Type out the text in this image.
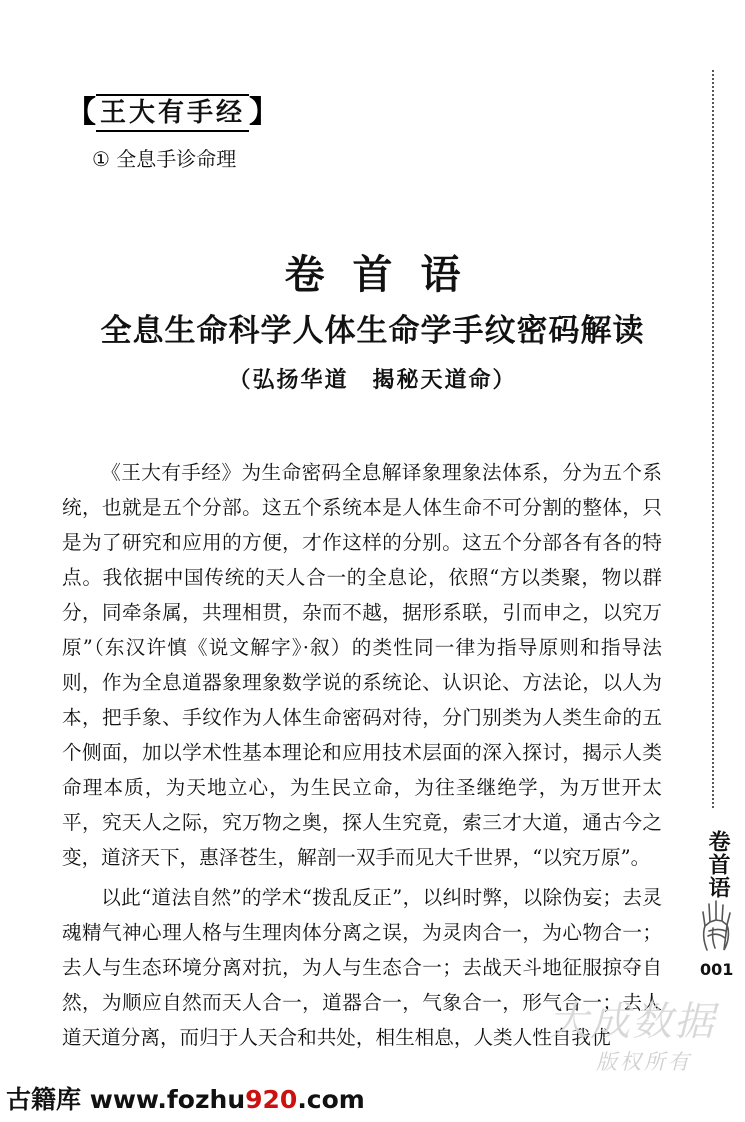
【 王大有手经 】
① 全息手诊命理
卷首语
全息生命科学人体生命学手纹密码解读
（弘扬华道　揭秘天道命）

《王大有手经》为生命密码全息解译象理象法体系，分为五个系统，也就是五个分部。这五个系统本是人体生命不可分割的整体，只是为了研究和应用的方便，才作这样的分别。这五个分部各有各的特点。我依据中国传统的天人合一的全息论，依照“方以类聚，物以群分，同牵条属，共理相贯，杂而不越，据形系联，引而申之，以究万原”（东汉许慎《说文解字》·叙）的类性同一律为指导原则和指导法则，作为全息道器象理象数学说的系统论、认识论、方法论，以人为本，把手象、手纹作为人体生命密码对待，分门别类为人类生命的五个侧面，加以学术性基本理论和应用技术层面的深入探讨，揭示人类命理本质，为天地立心，为生民立命，为往圣继绝学，为万世开太平，究天人之际，究万物之奥，探人生究竟，索三才大道，通古今之变，道济天下，惠泽苍生，解剖一双手而见大千世界，“以究万原”。

以此“道法自然”的学术“拨乱反正”，以纠时弊，以除伪妄；去灵魂精气神心理人格与生理肉体分离之误，为灵肉合一，为心物合一；去人与生态环境分离对抗，为人与生态合一；去战天斗地征服掠夺自然，为顺应自然而天人合一，道器合一，气象合一，形气合一；去人道天道分离，而归于人天合和共处，相生相息，人类人性自我优

卷首语
001
大成数据
版权所有
古籍库 www.fozhu920.com
